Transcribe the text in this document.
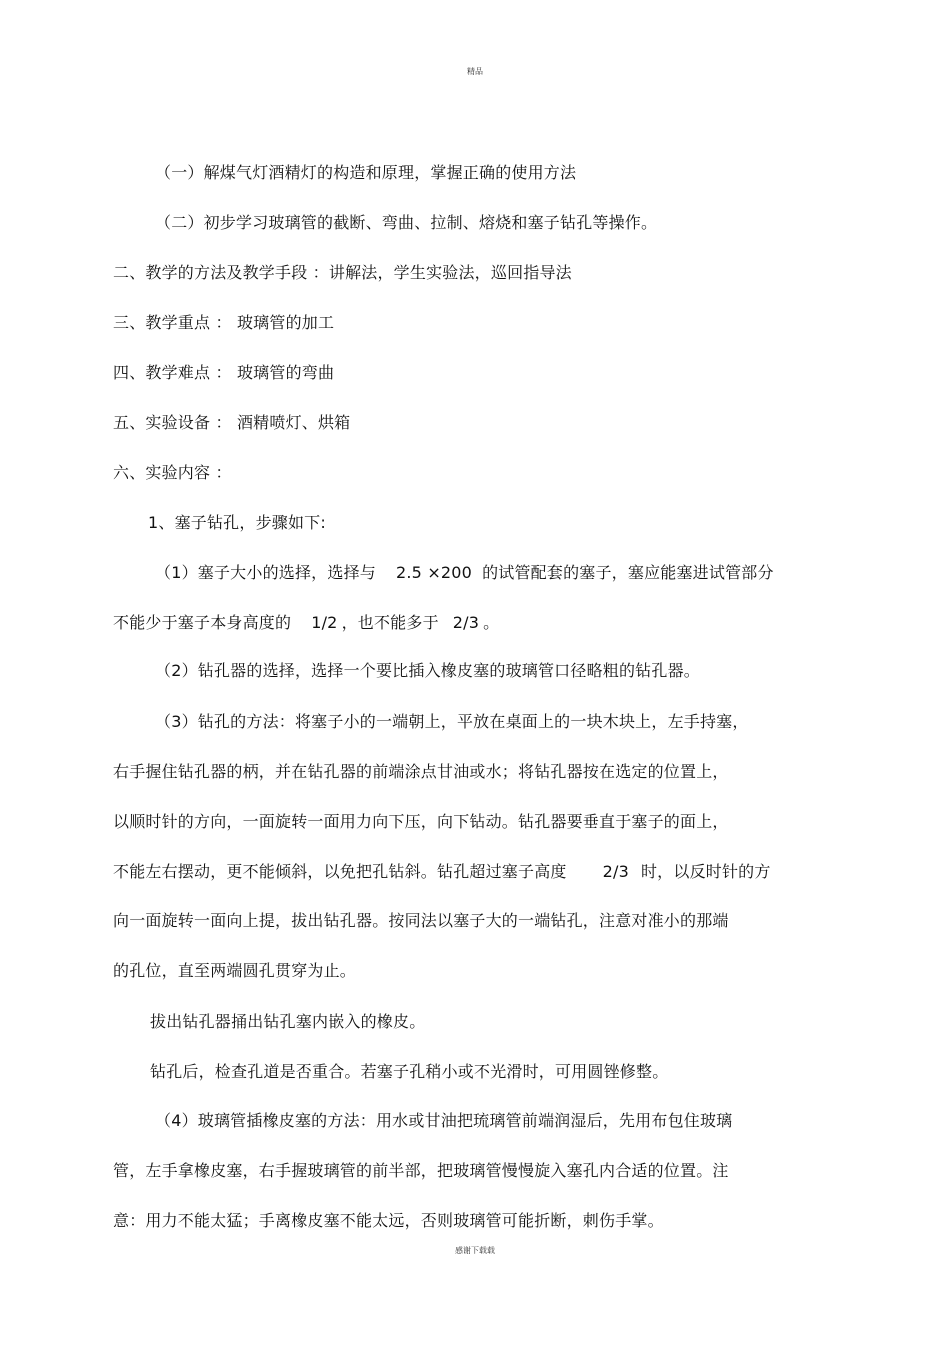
精品
（一）解煤气灯酒精灯的构造和原理，掌握正确的使用方法
（二）初步学习玻璃管的截断、弯曲、拉制、熔烧和塞子钻孔等操作。
二、教学的方法及教学手段 ：讲解法，学生实验法，巡回指导法
三、教学重点 ： 玻璃管的加工
四、教学难点 ： 玻璃管的弯曲
五、实验设备 ： 酒精喷灯、烘箱
六、实验内容 ：
1、塞子钻孔，步骤如下:
（1）塞子大小的选择，选择与 2.5 ×200 的试管配套的塞子，塞应能塞进试管部分
不能少于塞子本身高度的 1/2 ，也不能多于 2/3 。
（2）钻孔器的选择，选择一个要比插入橡皮塞的玻璃管口径略粗的钻孔器。
（3）钻孔的方法：将塞子小的一端朝上，平放在桌面上的一块木块上，左手持塞，
右手握住钻孔器的柄，并在钻孔器的前端涂点甘油或水；将钻孔器按在选定的位置上，
以顺时针的方向，一面旋转一面用力向下压，向下钻动。钻孔器要垂直于塞子的面上，
不能左右摆动，更不能倾斜，以免把孔钻斜。钻孔超过塞子高度 2/3 时，以反时针的方
向一面旋转一面向上提，拔出钻孔器。按同法以塞子大的一端钻孔，注意对准小的那端
的孔位，直至两端圆孔贯穿为止。
拔出钻孔器捅出钻孔塞内嵌入的橡皮。
钻孔后，检查孔道是否重合。若塞子孔稍小或不光滑时，可用圆锉修整。
（4）玻璃管插橡皮塞的方法：用水或甘油把琉璃管前端润湿后，先用布包住玻璃
管，左手拿橡皮塞，右手握玻璃管的前半部，把玻璃管慢慢旋入塞孔内合适的位置。注
意：用力不能太猛；手离橡皮塞不能太远，否则玻璃管可能折断，刺伤手掌。
感谢下载载
